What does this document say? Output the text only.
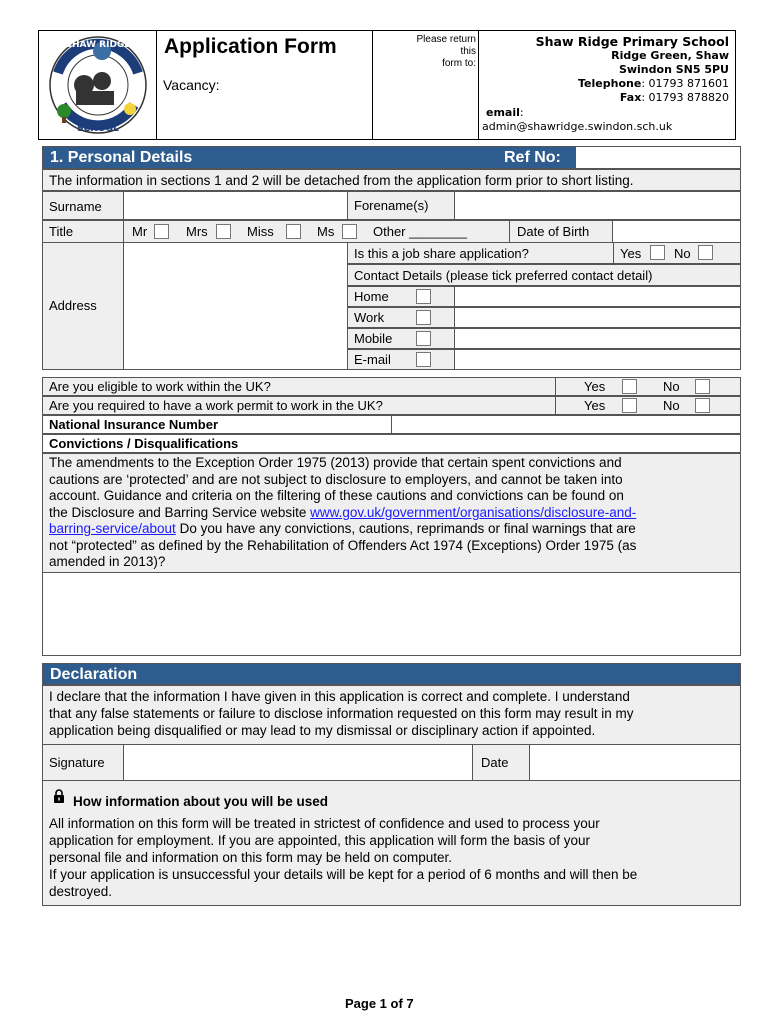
SHAW RIDGE
SCHOOL
Application Form
Vacancy:
Please return
this
form to:
Shaw Ridge Primary School
Ridge Green, Shaw
Swindon SN5 5PU
Telephone: 01793 871601
Fax: 01793 878820
email:
admin@shawridge.swindon.sch.uk
1. Personal Details	Ref No:
The information in sections 1 and 2 will be detached from the application form prior to short listing.
Surname	Forename(s)
Title	Mr	Mrs	Miss	Ms	Other ________	Date of Birth
Address
Is this a job share application?	Yes	No
Contact Details (please tick preferred contact detail)
Home
Work
Mobile
E-mail
Are you eligible to work within the UK?	Yes	No
Are you required to have a work permit to work in the UK?	Yes	No
National Insurance Number
Convictions / Disqualifications
The amendments to the Exception Order 1975 (2013) provide that certain spent convictions and
cautions are ‘protected’ and are not subject to disclosure to employers, and cannot be taken into
account. Guidance and criteria on the filtering of these cautions and convictions can be found on
the Disclosure and Barring Service website www.gov.uk/government/organisations/disclosure-and-
barring-service/about Do you have any convictions, cautions, reprimands or final warnings that are
not “protected” as defined by the Rehabilitation of Offenders Act 1974 (Exceptions) Order 1975 (as
amended in 2013)?
Declaration
I declare that the information I have given in this application is correct and complete. I understand
that any false statements or failure to disclose information requested on this form may result in my
application being disqualified or may lead to my dismissal or disciplinary action if appointed.
Signature	Date
How information about you will be used
All information on this form will be treated in strictest of confidence and used to process your
application for employment. If you are appointed, this application will form the basis of your
personal file and information on this form may be held on computer.
If your application is unsuccessful your details will be kept for a period of 6 months and will then be
destroyed.
Page 1 of 7
